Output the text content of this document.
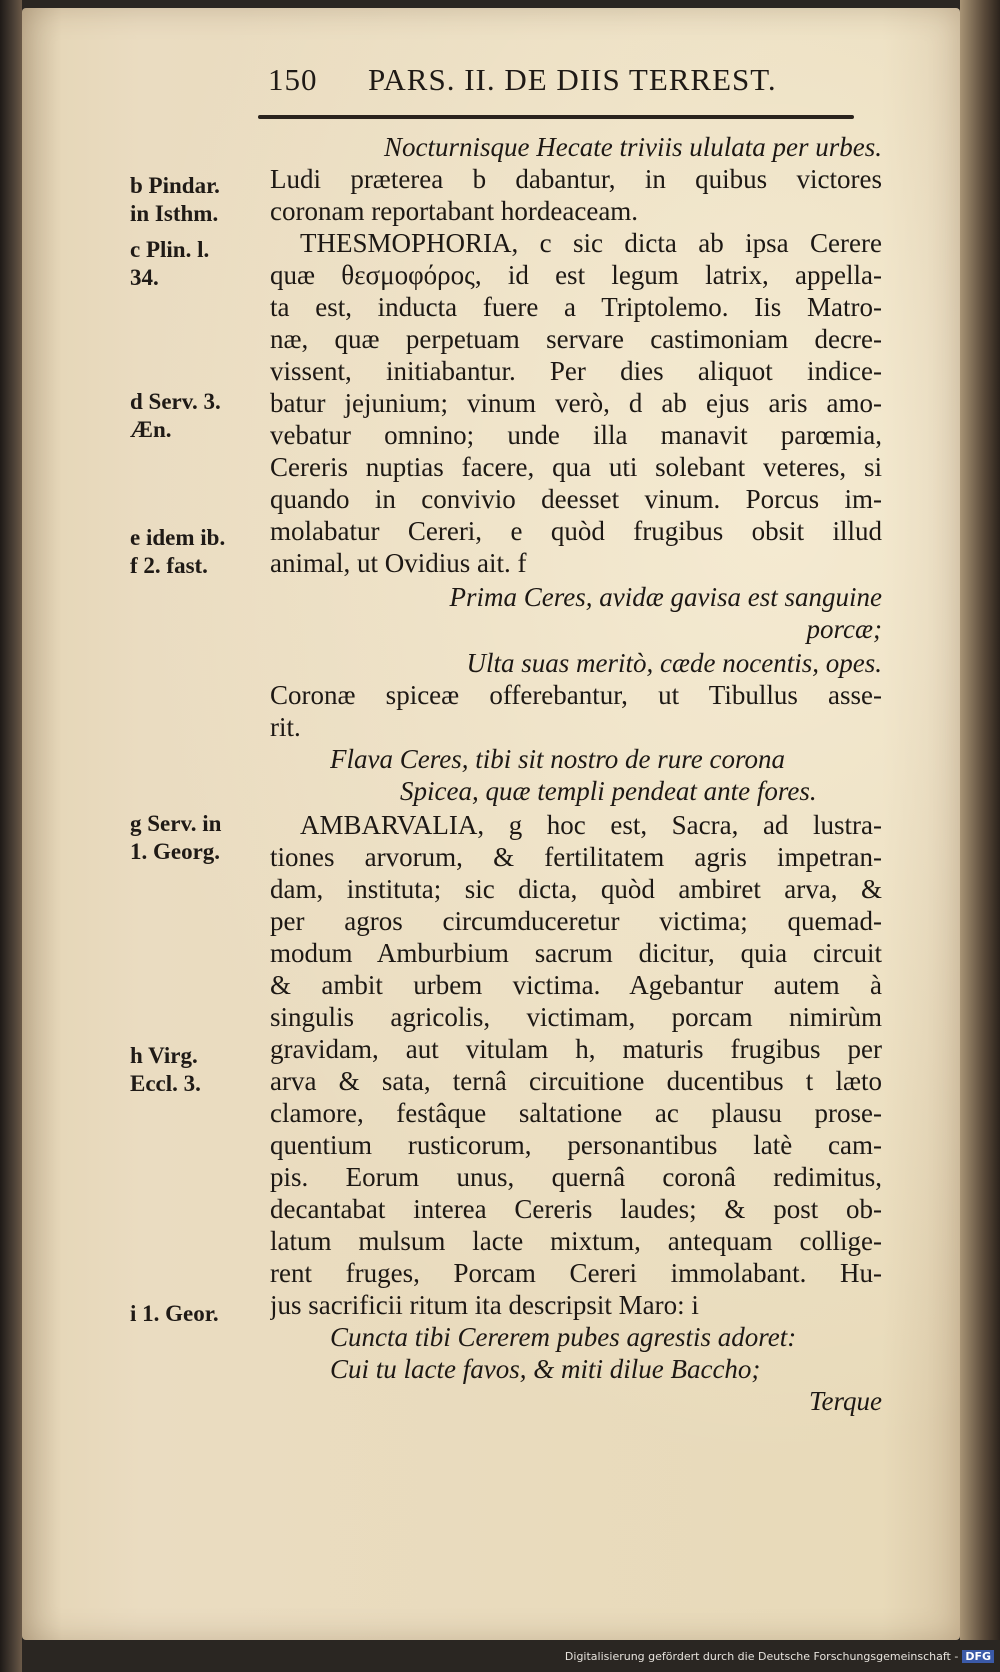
150 PARS. II. DE DIIS TERREST.
b Pindar.
in Isthm.
c Plin. l.
34.
d Serv. 3.
Æn.
e idem ib.
f 2. fast.
g Serv. in
1. Georg.
h Virg.
Eccl. 3.
i 1. Geor.
Nocturnisque Hecate triviis ululata per urbes.
Ludi præterea b dabantur, in quibus victores
coronam reportabant hordeaceam.
THESMOPHORIA, c sic dicta ab ipsa Cerere
quæ θεσμοφόρος, id est legum latrix, appella-
ta est, inducta fuere a Triptolemo. Iis Matro-
næ, quæ perpetuam servare castimoniam decre-
vissent, initiabantur. Per dies aliquot indice-
batur jejunium; vinum verò, d ab ejus aris amo-
vebatur omnino; unde illa manavit parœmia,
Cereris nuptias facere, qua uti solebant veteres, si
quando in convivio deesset vinum. Porcus im-
molabatur Cereri, e quòd frugibus obsit illud
animal, ut Ovidius ait. f
Prima Ceres, avidæ gavisa est sanguine
porcæ;
Ulta suas meritò, cæde nocentis, opes.
Coronæ spiceæ offerebantur, ut Tibullus asse-
rit.
Flava Ceres, tibi sit nostro de rure corona
Spicea, quæ templi pendeat ante fores.
AMBARVALIA, g hoc est, Sacra, ad lustra-
tiones arvorum, & fertilitatem agris impetran-
dam, instituta; sic dicta, quòd ambiret arva, &
per agros circumduceretur victima; quemad-
modum Amburbium sacrum dicitur, quia circuit
& ambit urbem victima. Agebantur autem à
singulis agricolis, victimam, porcam nimirùm
gravidam, aut vitulam h, maturis frugibus per
arva & sata, ternâ circuitione ducentibus t læto
clamore, festâque saltatione ac plausu prose-
quentium rusticorum, personantibus latè cam-
pis. Eorum unus, quernâ coronâ redimitus,
decantabat interea Cereris laudes; & post ob-
latum mulsum lacte mixtum, antequam collige-
rent fruges, Porcam Cereri immolabant. Hu-
jus sacrificii ritum ita descripsit Maro: i
Cuncta tibi Cererem pubes agrestis adoret:
Cui tu lacte favos, & miti dilue Baccho;
Terque
Digitalisierung gefördert durch die Deutsche Forschungsgemeinschaft - DFG
